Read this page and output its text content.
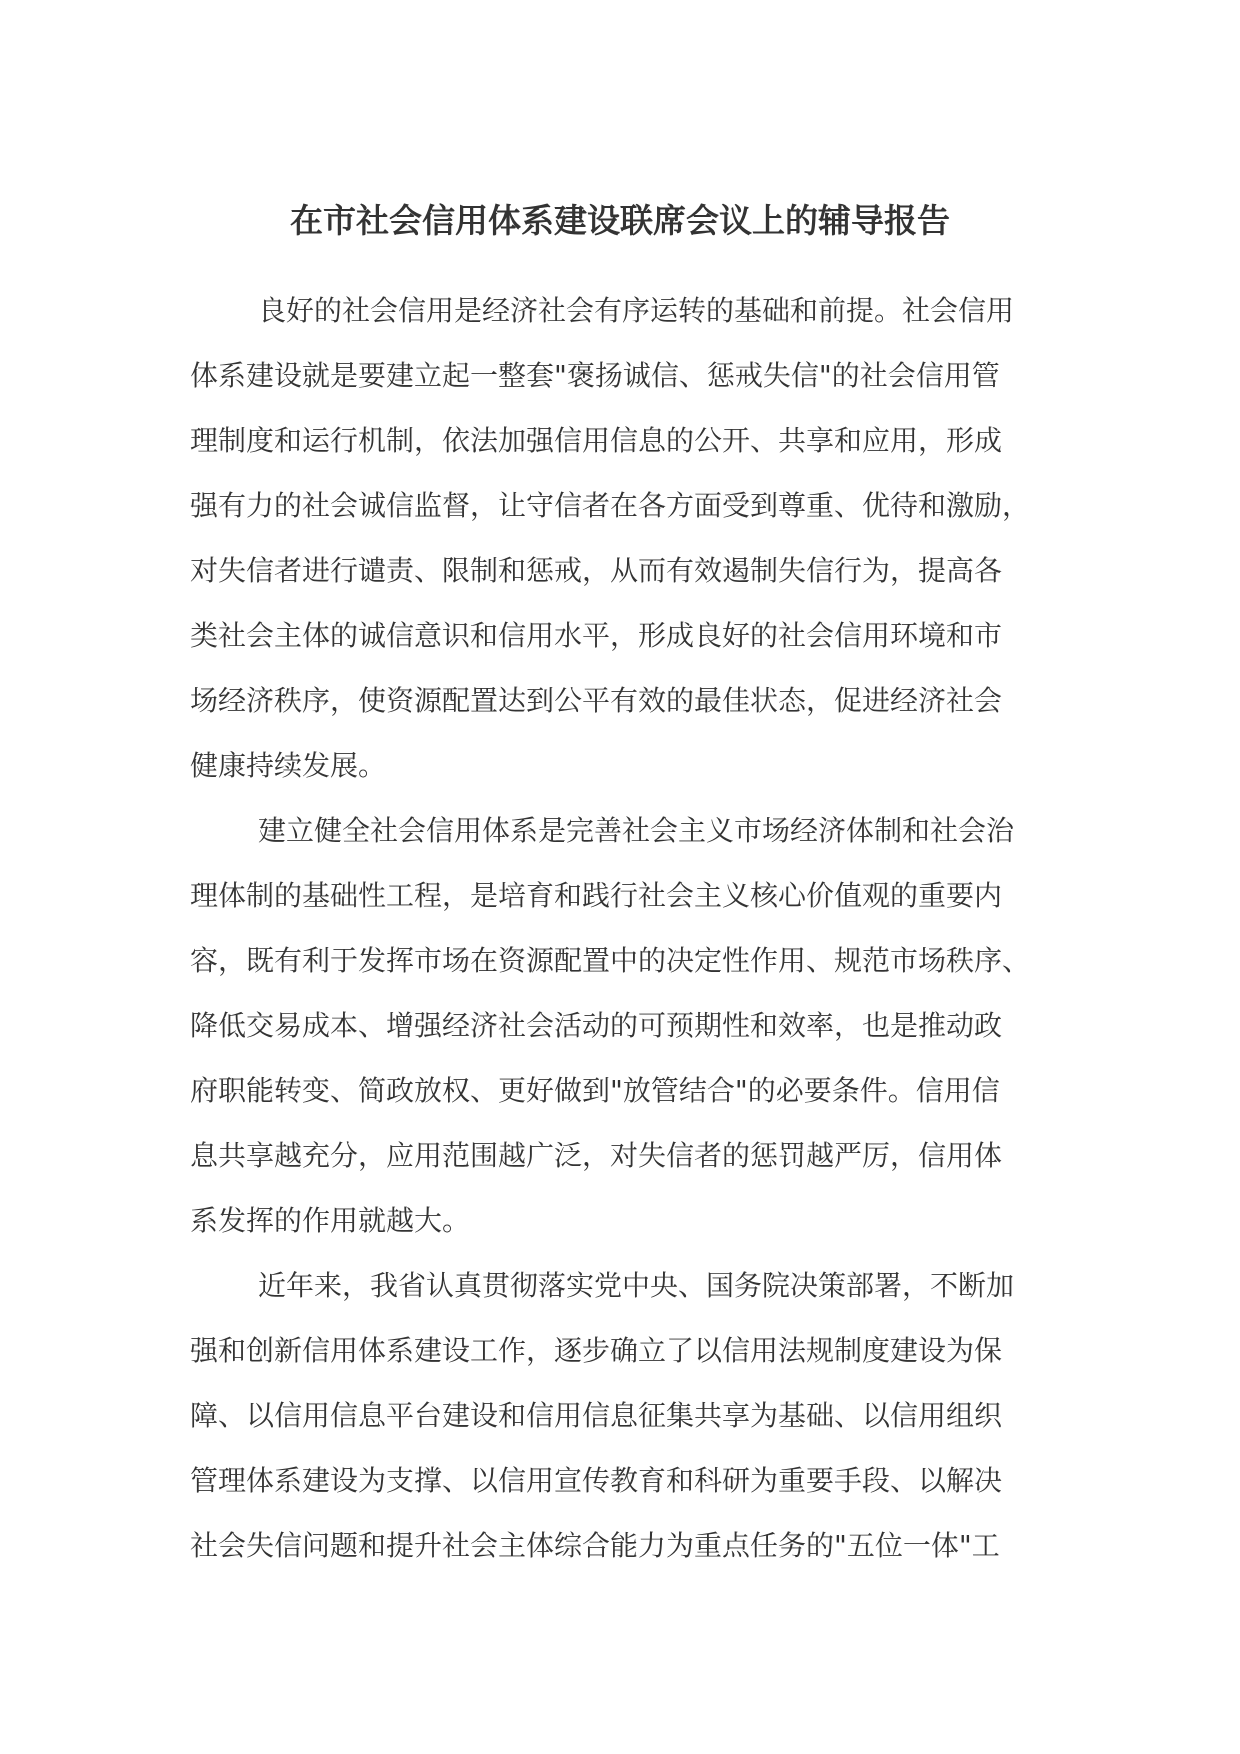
在市社会信用体系建设联席会议上的辅导报告
良好的社会信用是经济社会有序运转的基础和前提。社会信用
体系建设就是要建立起一整套"褒扬诚信、惩戒失信"的社会信用管
理制度和运行机制，依法加强信用信息的公开、共享和应用，形成
强有力的社会诚信监督，让守信者在各方面受到尊重、优待和激励，
对失信者进行谴责、限制和惩戒，从而有效遏制失信行为，提高各
类社会主体的诚信意识和信用水平，形成良好的社会信用环境和市
场经济秩序，使资源配置达到公平有效的最佳状态，促进经济社会
健康持续发展。
建立健全社会信用体系是完善社会主义市场经济体制和社会治
理体制的基础性工程，是培育和践行社会主义核心价值观的重要内
容，既有利于发挥市场在资源配置中的决定性作用、规范市场秩序、
降低交易成本、增强经济社会活动的可预期性和效率，也是推动政
府职能转变、简政放权、更好做到"放管结合"的必要条件。信用信
息共享越充分，应用范围越广泛，对失信者的惩罚越严厉，信用体
系发挥的作用就越大。
近年来，我省认真贯彻落实党中央、国务院决策部署，不断加
强和创新信用体系建设工作，逐步确立了以信用法规制度建设为保
障、以信用信息平台建设和信用信息征集共享为基础、以信用组织
管理体系建设为支撑、以信用宣传教育和科研为重要手段、以解决
社会失信问题和提升社会主体综合能力为重点任务的"五位一体"工
